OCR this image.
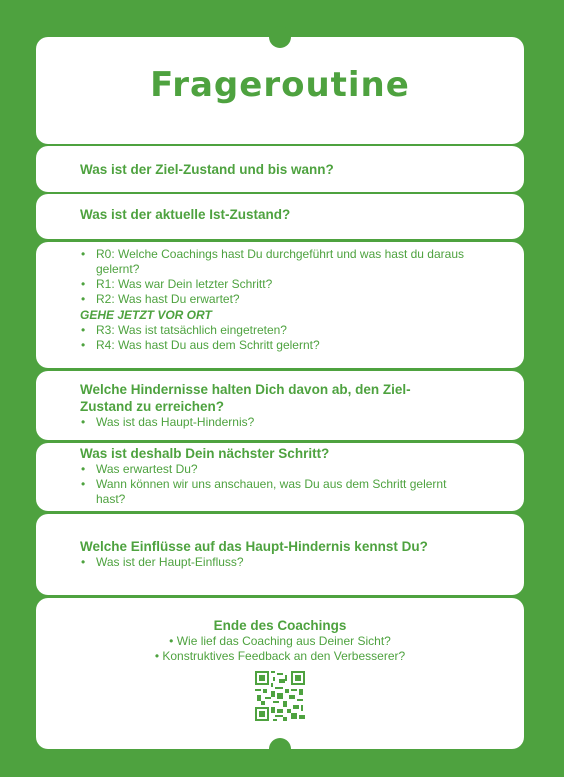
Frageroutine
Was ist der Ziel-Zustand und bis wann?
Was ist der aktuelle Ist-Zustand?
• R0: Welche Coachings hast Du durchgeführt und was hast du daraus gelernt?
• R1: Was war Dein letzter Schritt?
• R2: Was hast Du erwartet?
GEHE JETZT VOR ORT
• R3: Was ist tatsächlich eingetreten?
• R4: Was hast Du aus dem Schritt gelernt?
Welche Hindernisse halten Dich davon ab, den Ziel-Zustand zu erreichen?
• Was ist das Haupt-Hindernis?
Was ist deshalb Dein nächster Schritt?
• Was erwartest Du?
• Wann können wir uns anschauen, was Du aus dem Schritt gelernt hast?
Welche Einflüsse auf das Haupt-Hindernis kennst Du?
• Was ist der Haupt-Einfluss?
Ende des Coachings
• Wie lief das Coaching aus Deiner Sicht?
• Konstruktives Feedback an den Verbesserer?
